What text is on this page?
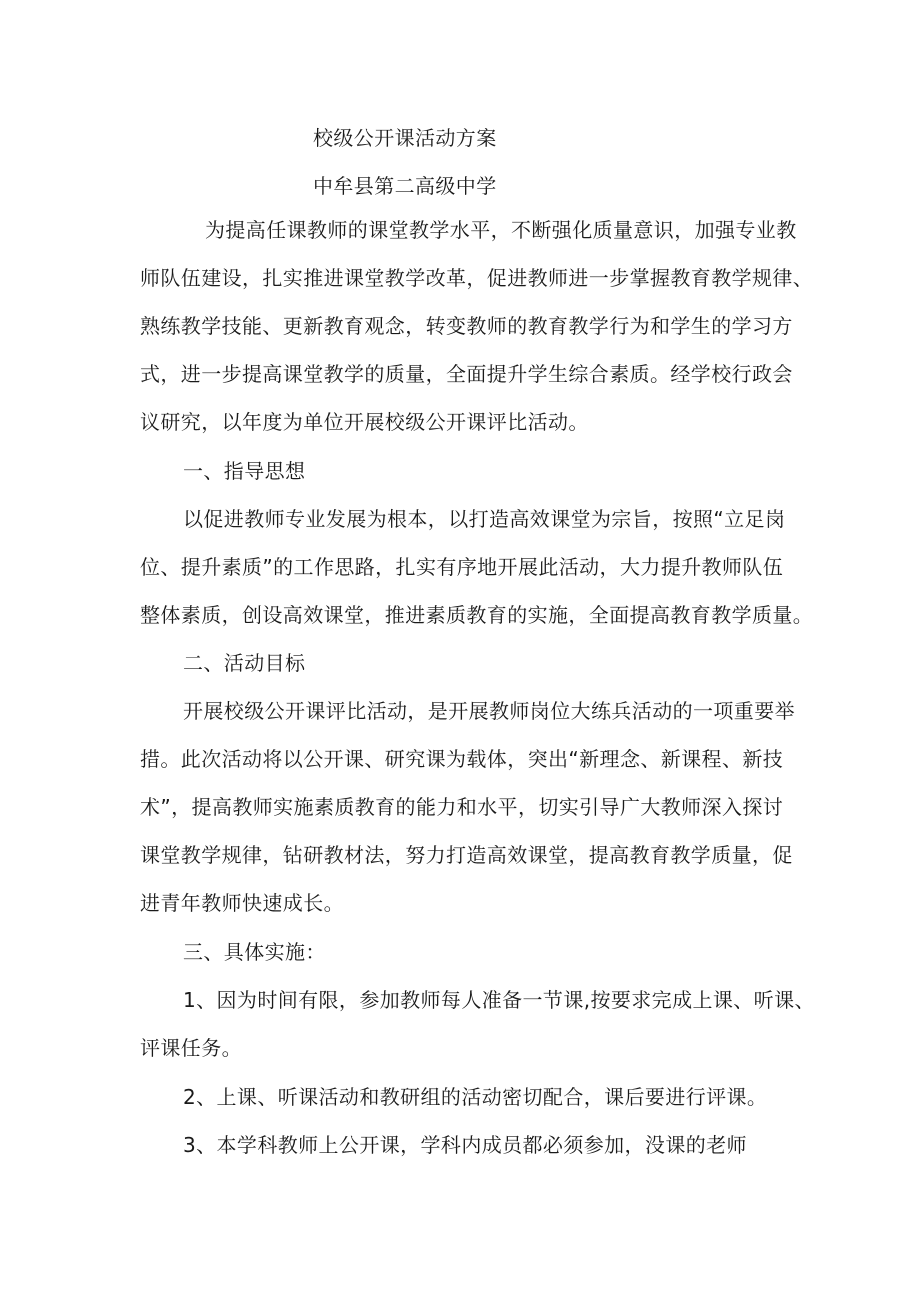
校级公开课活动方案
中牟县第二高级中学
为提高任课教师的课堂教学水平，不断强化质量意识，加强专业教
师队伍建设，扎实推进课堂教学改革，促进教师进一步掌握教育教学规律、
熟练教学技能、更新教育观念，转变教师的教育教学行为和学生的学习方
式，进一步提高课堂教学的质量，全面提升学生综合素质。经学校行政会
议研究，以年度为单位开展校级公开课评比活动。
一、指导思想
以促进教师专业发展为根本，以打造高效课堂为宗旨，按照“立足岗
位、提升素质”的工作思路，扎实有序地开展此活动，大力提升教师队伍
整体素质，创设高效课堂，推进素质教育的实施，全面提高教育教学质量。
二、活动目标
开展校级公开课评比活动，是开展教师岗位大练兵活动的一项重要举
措。此次活动将以公开课、研究课为载体，突出“新理念、新课程、新技
术”，提高教师实施素质教育的能力和水平，切实引导广大教师深入探讨
课堂教学规律，钻研教材法，努力打造高效课堂，提高教育教学质量，促
进青年教师快速成长。
三、具体实施：
1、因为时间有限，参加教师每人准备一节课,按要求完成上课、听课、
评课任务。
2、上课、听课活动和教研组的活动密切配合，课后要进行评课。
3、本学科教师上公开课，学科内成员都必须参加，没课的老师
